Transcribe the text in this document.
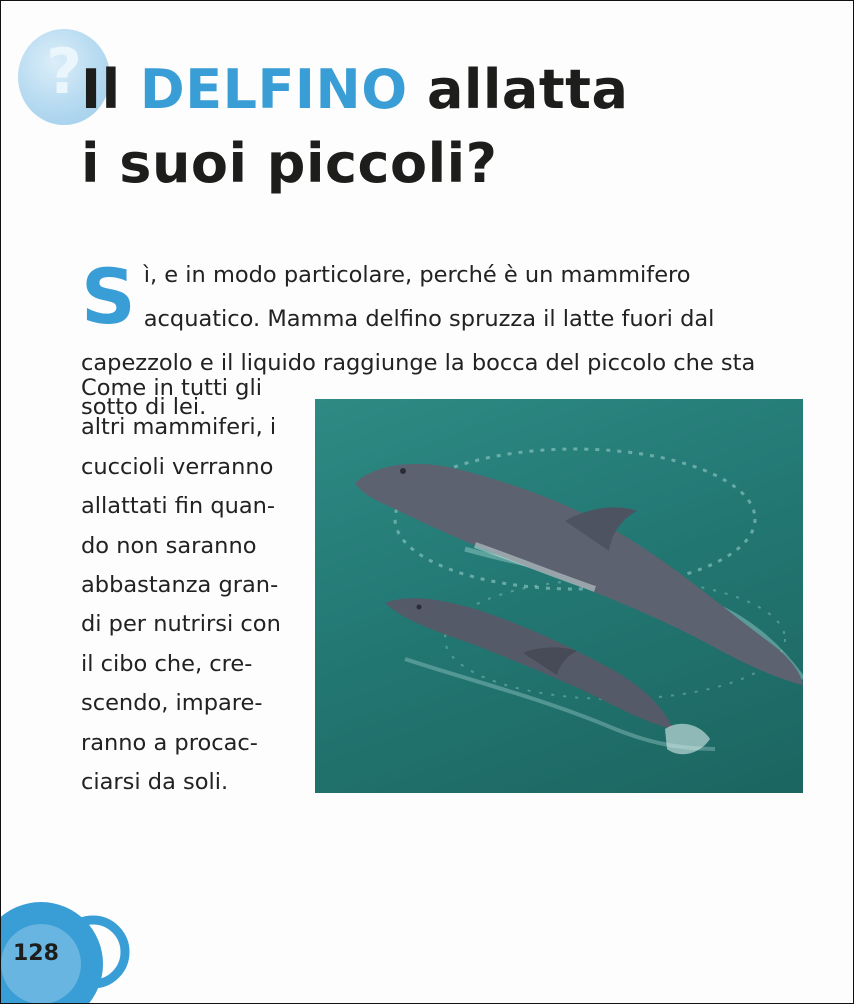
? Il DELFINO allatta
i suoi piccoli?

Sì, e in modo particolare, perché è un mammifero acquatico. Mamma delfino spruzza il latte fuori dal capezzolo e il liquido raggiunge la bocca del piccolo che sta sotto di lei.

Come in tutti gli
altri mammiferi, i
cuccioli verranno
allattati fin quan-
do non saranno
abbastanza gran-
di per nutrirsi con
il cibo che, cre-
scendo, impare-
ranno a procac-
ciarsi da soli.

128
